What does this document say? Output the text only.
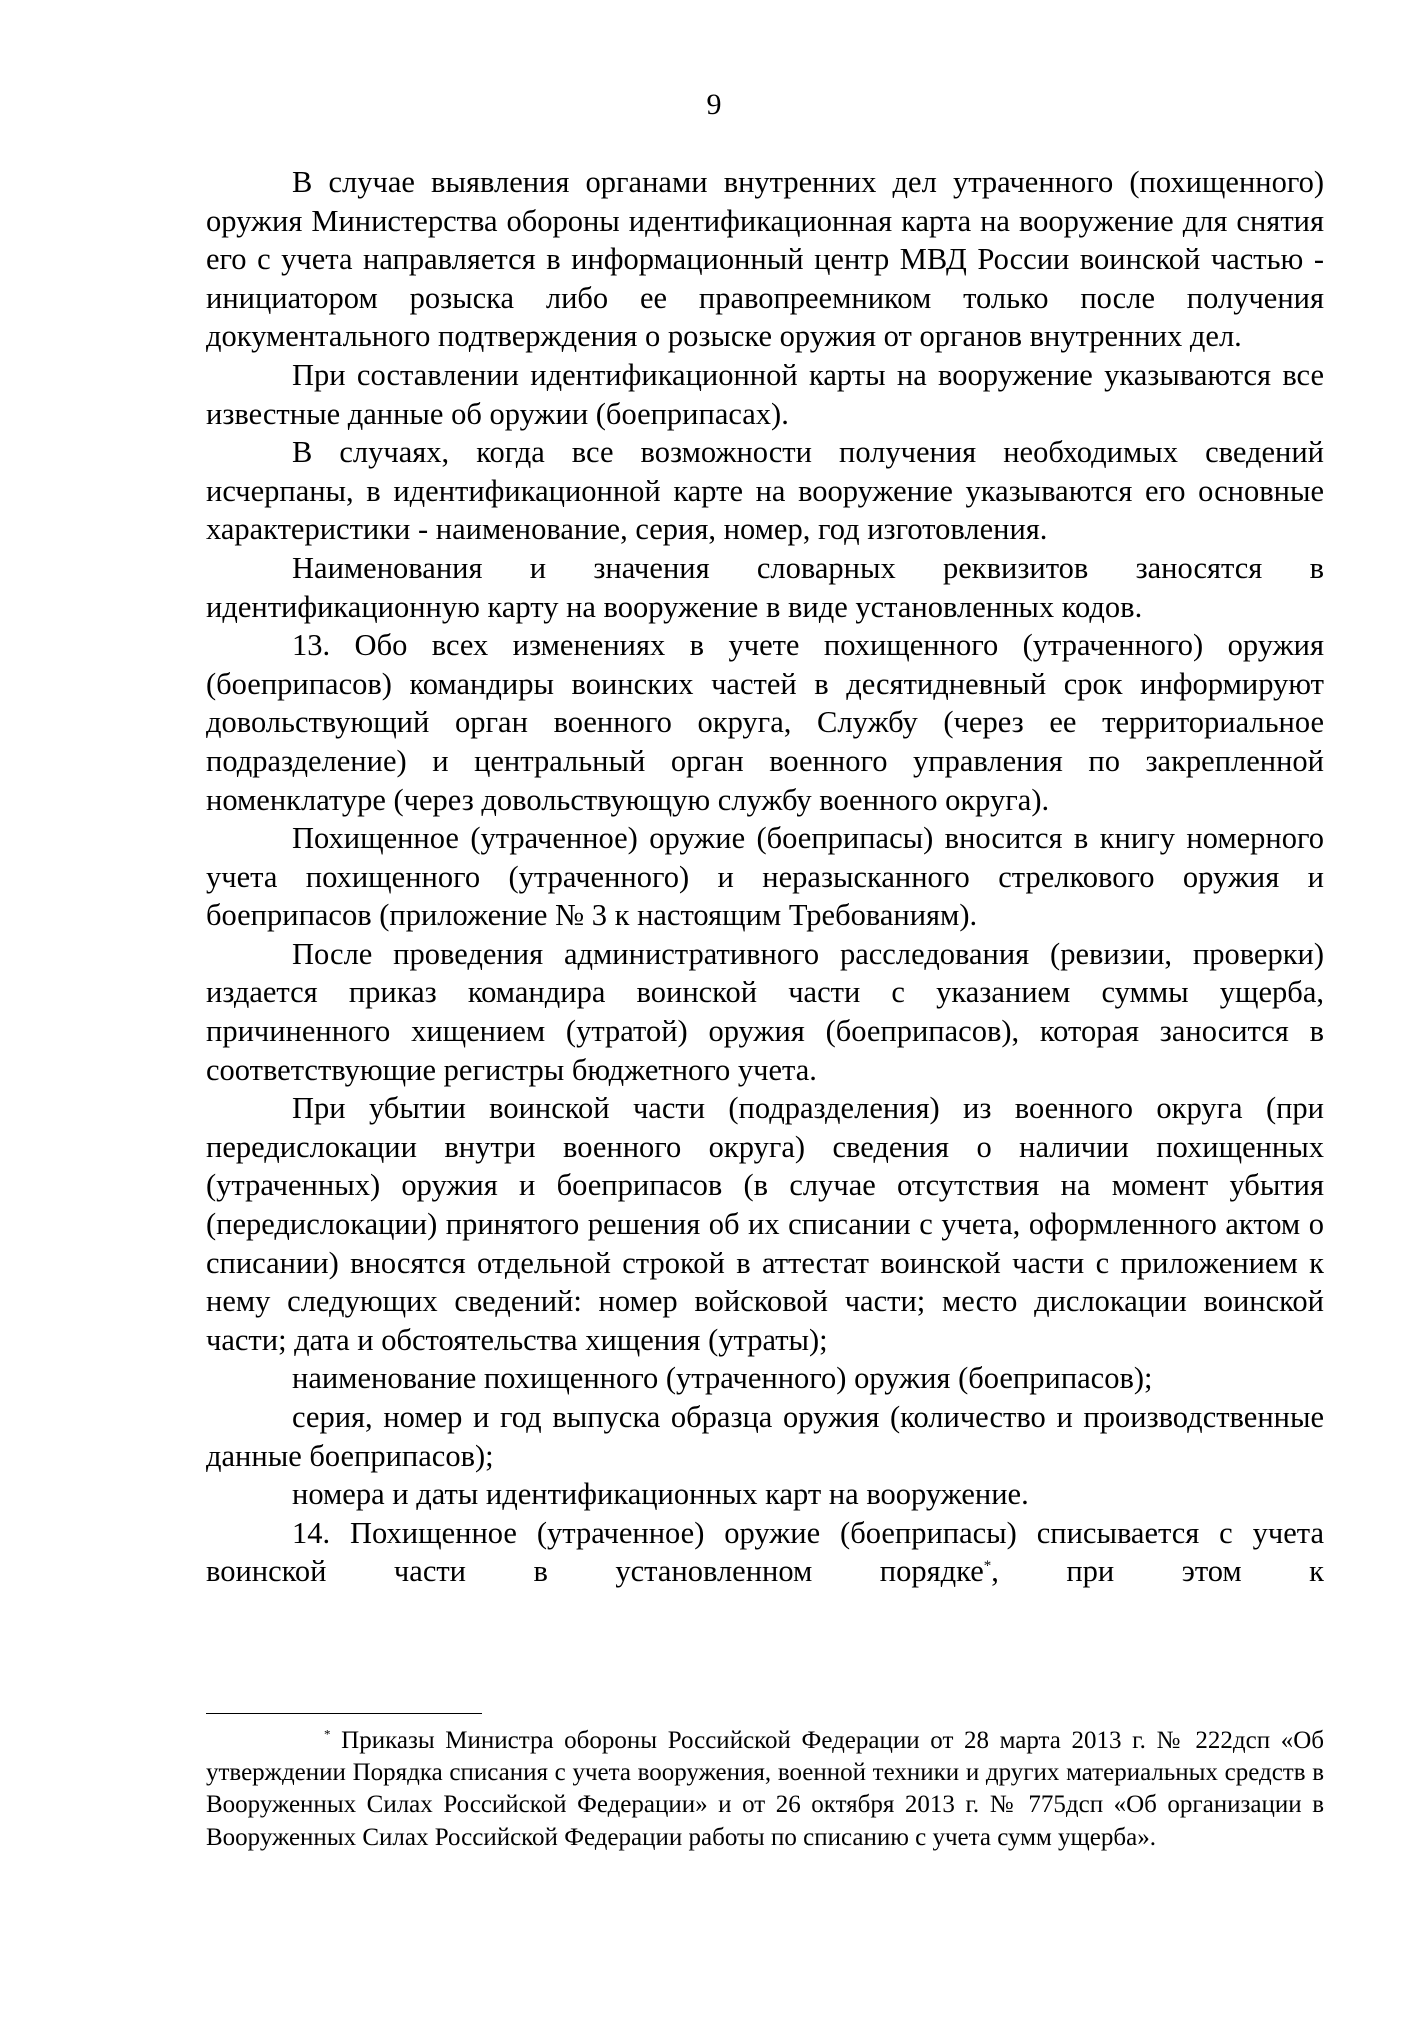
9

В случае выявления органами внутренних дел утраченного (похищенного) оружия Министерства обороны идентификационная карта на вооружение для снятия его с учета направляется в информационный центр МВД России воинской частью - инициатором розыска либо ее правопреемником только после получения документального подтверждения о розыске оружия от органов внутренних дел.

При составлении идентификационной карты на вооружение указываются все известные данные об оружии (боеприпасах).

В случаях, когда все возможности получения необходимых сведений исчерпаны, в идентификационной карте на вооружение указываются его основные характеристики - наименование, серия, номер, год изготовления.

Наименования и значения словарных реквизитов заносятся в идентификационную карту на вооружение в виде установленных кодов.

13. Обо всех изменениях в учете похищенного (утраченного) оружия (боеприпасов) командиры воинских частей в десятидневный срок информируют довольствующий орган военного округа, Службу (через ее территориальное подразделение) и центральный орган военного управления по закрепленной номенклатуре (через довольствующую службу военного округа).

Похищенное (утраченное) оружие (боеприпасы) вносится в книгу номерного учета похищенного (утраченного) и неразысканного стрелкового оружия и боеприпасов (приложение № 3 к настоящим Требованиям).

После проведения административного расследования (ревизии, проверки) издается приказ командира воинской части с указанием суммы ущерба, причиненного хищением (утратой) оружия (боеприпасов), которая заносится в соответствующие регистры бюджетного учета.

При убытии воинской части (подразделения) из военного округа (при передислокации внутри военного округа) сведения о наличии похищенных (утраченных) оружия и боеприпасов (в случае отсутствия на момент убытия (передислокации) принятого решения об их списании с учета, оформленного актом о списании) вносятся отдельной строкой в аттестат воинской части с приложением к нему следующих сведений: номер войсковой части; место дислокации воинской части; дата и обстоятельства хищения (утраты);

наименование похищенного (утраченного) оружия (боеприпасов);

серия, номер и год выпуска образца оружия (количество и производственные данные боеприпасов);

номера и даты идентификационных карт на вооружение.

14. Похищенное (утраченное) оружие (боеприпасы) списывается с учета воинской части в установленном порядке*, при этом к

* Приказы Министра обороны Российской Федерации от 28 марта 2013 г. № 222дсп «Об утверждении Порядка списания с учета вооружения, военной техники и других материальных средств в Вооруженных Силах Российской Федерации» и от 26 октября 2013 г. № 775дсп «Об организации в Вооруженных Силах Российской Федерации работы по списанию с учета сумм ущерба».
